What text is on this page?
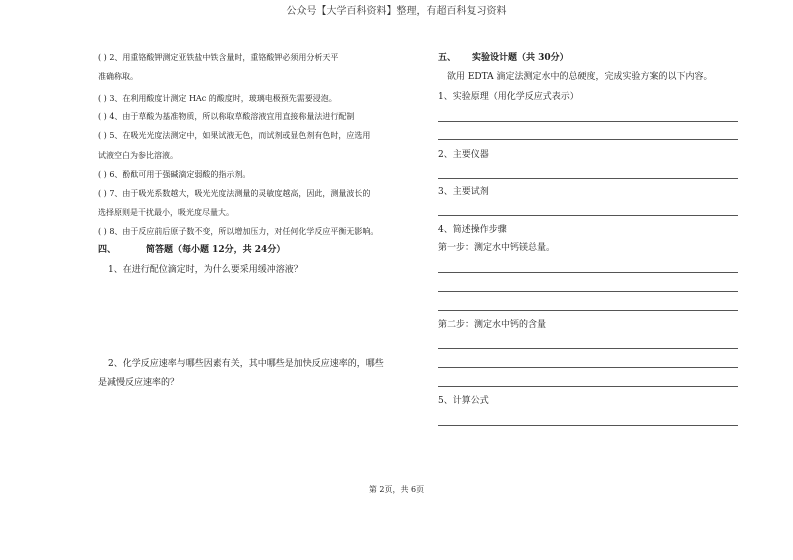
公众号【大学百科资料】整理，有超百科复习资料
( ) 2、用重铬酸钾测定亚铁盐中铁含量时，重铬酸钾必须用分析天平
准确称取。
( ) 3、在利用酸度计测定 HAc 的酸度时，玻璃电极预先需要浸泡。
( ) 4、由于草酸为基准物质，所以称取草酸溶液宜用直接称量法进行配制
( ) 5、在吸光光度法测定中，如果试液无色，而试剂或显色剂有色时，应选用
试液空白为参比溶液。
( ) 6、酚酞可用于强碱滴定弱酸的指示剂。
( ) 7、由于吸光系数越大，吸光光度法测量的灵敏度越高，因此，测量波长的
选择原则是干扰最小，吸光度尽量大。
( ) 8、由于反应前后原子数不变，所以增加压力，对任何化学反应平衡无影响。
四、	简答题（每小题 12分，共 24分）
1、在进行配位滴定时，为什么要采用缓冲溶液？
2、化学反应速率与哪些因素有关，其中哪些是加快反应速率的，哪些
是减慢反应速率的？
五、 实验设计题（共 30分）
欲用 EDTA 滴定法测定水中的总硬度，完成实验方案的以下内容。
1、实验原理（用化学反应式表示）
2、主要仪器
3、主要试剂
4、简述操作步骤
第一步：测定水中钙镁总量。
第二步：测定水中钙的含量
5、计算公式
第 2页，共 6页
